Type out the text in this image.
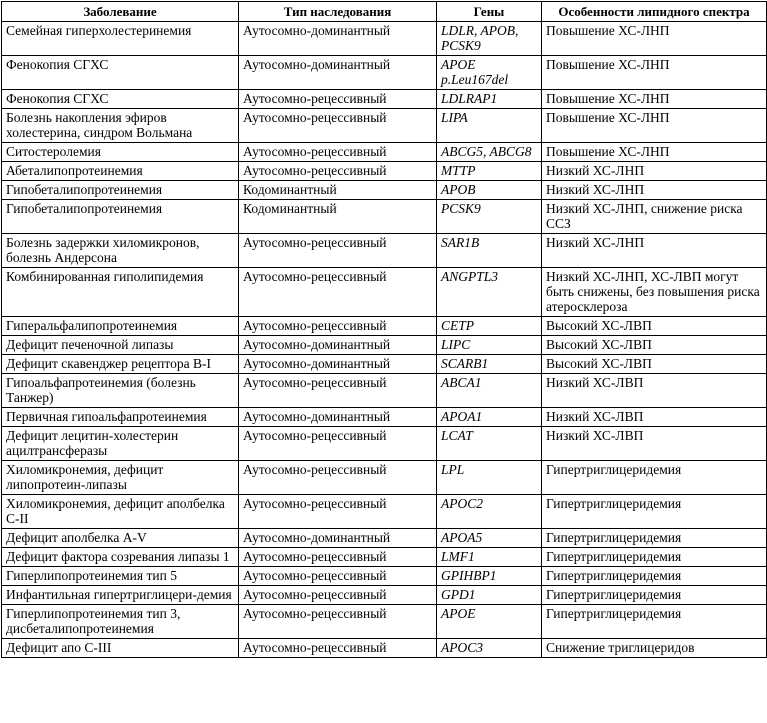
Заболевание	Тип наследования	Гены	Особенности липидного спектра
Семейная гиперхолестеринемия	Аутосомно-доминантный	LDLR, APOB, PCSK9	Повышение ХС-ЛНП
Фенокопия СГХС	Аутосомно-доминантный	APOE p.Leu167del	Повышение ХС-ЛНП
Фенокопия СГХС	Аутосомно-рецессивный	LDLRAP1	Повышение ХС-ЛНП
Болезнь накопления эфиров холестерина, синдром Вольмана	Аутосомно-рецессивный	LIPA	Повышение ХС-ЛНП
Ситостеролемия	Аутосомно-рецессивный	ABCG5, ABCG8	Повышение ХС-ЛНП
Абеталипопротеинемия	Аутосомно-рецессивный	MTTP	Низкий ХС-ЛНП
Гипобеталипопротеинемия	Кодоминантный	APOB	Низкий ХС-ЛНП
Гипобеталипопротеинемия	Кодоминантный	PCSK9	Низкий ХС-ЛНП, снижение риска ССЗ
Болезнь задержки хиломикронов, болезнь Андерсона	Аутосомно-рецессивный	SAR1B	Низкий ХС-ЛНП
Комбинированная гиполипидемия	Аутосомно-рецессивный	ANGPTL3	Низкий ХС-ЛНП, ХС-ЛВП могут быть снижены, без повышения риска атеросклероза
Гиперальфалипопротеинемия	Аутосомно-рецессивный	CETP	Высокий ХС-ЛВП
Дефицит печеночной липазы	Аутосомно-доминантный	LIPC	Высокий ХС-ЛВП
Дефицит скавенджер рецептора B-I	Аутосомно-доминантный	SCARB1	Высокий ХС-ЛВП
Гипоальфапротеинемия (болезнь Танжер)	Аутосомно-рецессивный	ABCA1	Низкий ХС-ЛВП
Первичная гипоальфапротеинемия	Аутосомно-доминантный	APOA1	Низкий ХС-ЛВП
Дефицит лецитин-холестерин ацилтрансферазы	Аутосомно-рецессивный	LCAT	Низкий ХС-ЛВП
Хиломикронемия, дефицит липопротеин-липазы	Аутосомно-рецессивный	LPL	Гипертриглицеридемия
Хиломикронемия, дефицит аполбелка C-II	Аутосомно-рецессивный	APOC2	Гипертриглицеридемия
Дефицит аполбелка A-V	Аутосомно-доминантный	APOA5	Гипертриглицеридемия
Дефицит фактора созревания липазы 1	Аутосомно-рецессивный	LMF1	Гипертриглицеридемия
Гиперлипопротеинемия тип 5	Аутосомно-рецессивный	GPIHBP1	Гипертриглицеридемия
Инфантильная гипертриглицери-демия	Аутосомно-рецессивный	GPD1	Гипертриглицеридемия
Гиперлипопротеинемия тип 3, дисбеталипопротеинемия	Аутосомно-рецессивный	APOE	Гипертриглицеридемия
Дефицит апо C-III	Аутосомно-рецессивный	APOC3	Снижение триглицеридов
